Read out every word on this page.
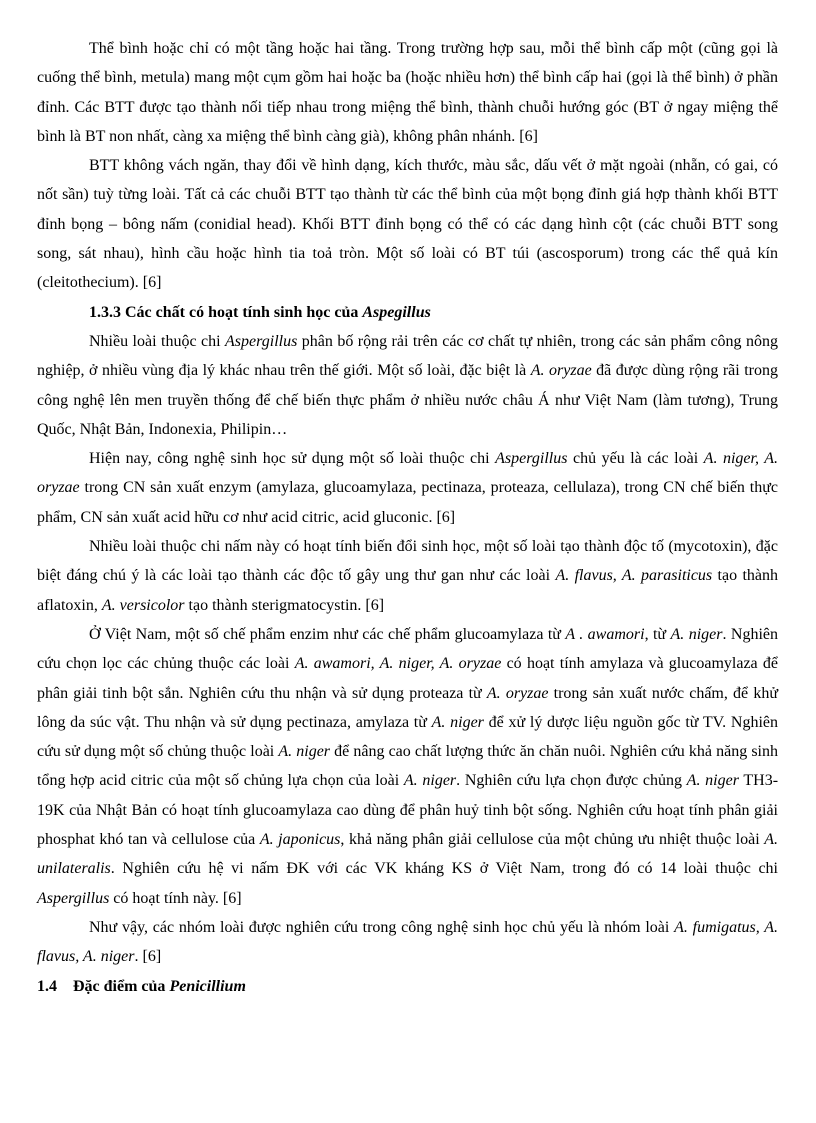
Thể bình hoặc chỉ có một tầng hoặc hai tầng. Trong trường hợp sau, mỗi thể bình cấp một (cũng gọi là cuống thể bình, metula) mang một cụm gồm hai hoặc ba (hoặc nhiều hơn) thể bình cấp hai (gọi là thể bình) ở phần đỉnh. Các BTT được tạo thành nối tiếp nhau trong miệng thể bình, thành chuỗi hướng góc (BT ở ngay miệng thể bình là BT non nhất, càng xa miệng thể bình càng già), không phân nhánh. [6]

BTT không vách ngăn, thay đổi về hình dạng, kích thước, màu sắc, dấu vết ở mặt ngoài (nhẵn, có gai, có nốt sần) tuỳ từng loài. Tất cả các chuỗi BTT tạo thành từ các thể bình của một bọng đỉnh giá hợp thành khối BTT đỉnh bọng – bông nấm (conidial head). Khối BTT đỉnh bọng có thể có các dạng hình cột (các chuỗi BTT song song, sát nhau), hình cầu hoặc hình tia toả tròn. Một số loài có BT túi (ascosporum) trong các thể quả kín (cleitothecium). [6]

1.3.3 Các chất có hoạt tính sinh học của Aspegillus

Nhiều loài thuộc chi Aspergillus phân bố rộng rải trên các cơ chất tự nhiên, trong các sản phẩm công nông nghiệp, ở nhiều vùng địa lý khác nhau trên thế giới. Một số loài, đặc biệt là A. oryzae đã được dùng rộng rãi trong công nghệ lên men truyền thống để chế biến thực phẩm ở nhiều nước châu Á như Việt Nam (làm tương), Trung Quốc, Nhật Bản, Indonexia, Philipin…

Hiện nay, công nghệ sinh học sử dụng một số loài thuộc chi Aspergillus chủ yếu là các loài A. niger, A. oryzae trong CN sản xuất enzym (amylaza, glucoamylaza, pectinaza, proteaza, cellulaza), trong CN chế biến thực phẩm, CN sản xuất acid hữu cơ như acid citric, acid gluconic. [6]

Nhiều loài thuộc chi nấm này có hoạt tính biến đổi sinh học, một số loài tạo thành độc tố (mycotoxin), đặc biệt đáng chú ý là các loài tạo thành các độc tố gây ung thư gan như các loài A. flavus, A. parasiticus tạo thành aflatoxin, A. versicolor tạo thành sterigmatocystin. [6]

Ở Việt Nam, một số chế phẩm enzim như các chế phẩm glucoamylaza từ A . awamori, từ A. niger. Nghiên cứu chọn lọc các chủng thuộc các loài A. awamori, A. niger, A. oryzae có hoạt tính amylaza và glucoamylaza để phân giải tinh bột sắn. Nghiên cứu thu nhận và sử dụng proteaza từ A. oryzae trong sản xuất nước chấm, để khử lông da súc vật. Thu nhận và sử dụng pectinaza, amylaza từ A. niger để xử lý dược liệu nguồn gốc từ TV. Nghiên cứu sử dụng một số chủng thuộc loài A. niger để nâng cao chất lượng thức ăn chăn nuôi. Nghiên cứu khả năng sinh tổng hợp acid citric của một số chủng lựa chọn của loài A. niger. Nghiên cứu lựa chọn được chủng A. niger TH3-19K của Nhật Bản có hoạt tính glucoamylaza cao dùng để phân huỷ tinh bột sống. Nghiên cứu hoạt tính phân giải phosphat khó tan và cellulose của A. japonicus, khả năng phân giải cellulose của một chủng ưu nhiệt thuộc loài A. unilateralis. Nghiên cứu hệ vi nấm ĐK với các VK kháng KS ở Việt Nam, trong đó có 14 loài thuộc chi Aspergillus có hoạt tính này. [6]

Như vậy, các nhóm loài được nghiên cứu trong công nghệ sinh học chủ yếu là nhóm loài A. fumigatus, A. flavus, A. niger. [6]

1.4 Đặc điểm của Penicillium
